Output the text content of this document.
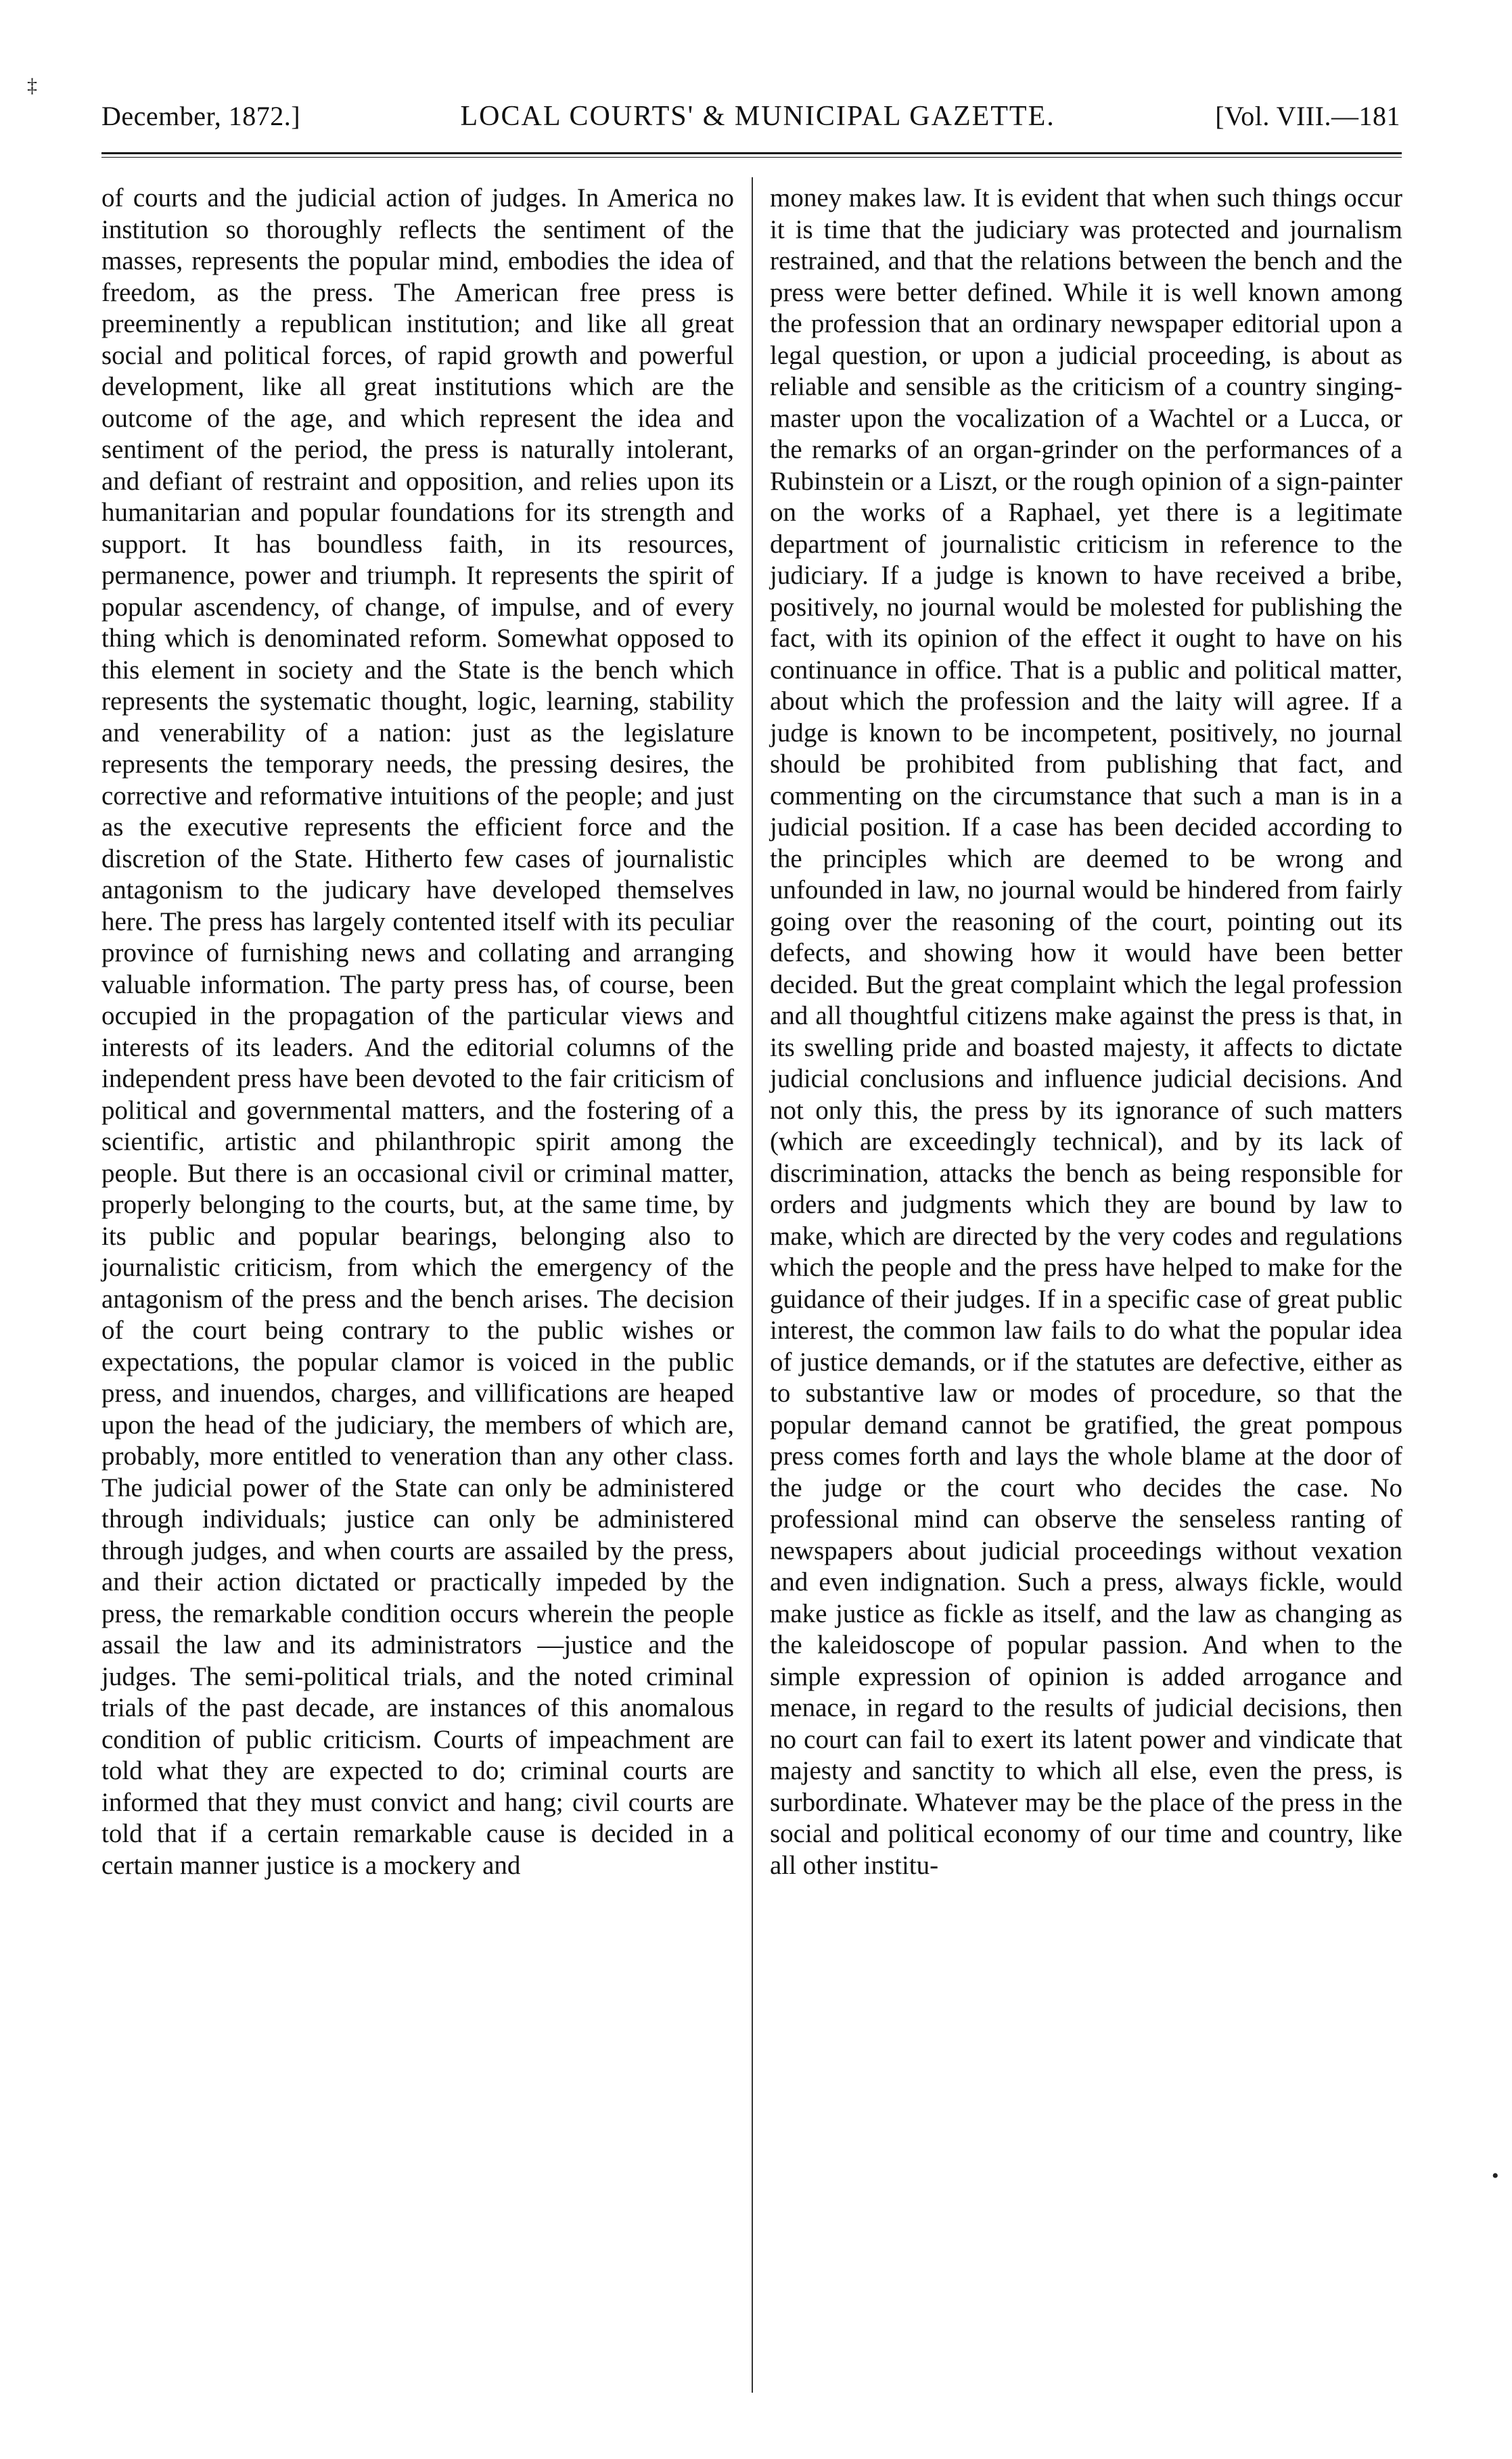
‡
December, 1872.]	LOCAL COURTS' & MUNICIPAL GAZETTE.	[Vol. VIII.—181

of courts and the judicial action of judges. In America no institution so thoroughly reflects the sentiment of the masses, represents the popular mind, embodies the idea of freedom, as the press. The American free press is preeminently a republican institution; and like all great social and political forces, of rapid growth and powerful development, like all great institutions which are the outcome of the age, and which represent the idea and sentiment of the period, the press is naturally intolerant, and defiant of restraint and opposition, and relies upon its humanitarian and popular foundations for its strength and support. It has boundless faith, in its resources, permanence, power and triumph. It represents the spirit of popular ascendency, of change, of impulse, and of every thing which is denominated reform. Somewhat opposed to this element in society and the State is the bench which represents the systematic thought, logic, learning, stability and venerability of a nation: just as the legislature represents the temporary needs, the pressing desires, the corrective and reformative intuitions of the people; and just as the executive represents the efficient force and the discretion of the State. Hitherto few cases of journalistic antagonism to the judicary have developed themselves here. The press has largely contented itself with its peculiar province of furnishing news and collating and arranging valuable information. The party press has, of course, been occupied in the propagation of the particular views and interests of its leaders. And the editorial columns of the independent press have been devoted to the fair criticism of political and governmental matters, and the fostering of a scientific, artistic and philanthropic spirit among the people. But there is an occasional civil or criminal matter, properly belonging to the courts, but, at the same time, by its public and popular bearings, belonging also to journalistic criticism, from which the emergency of the antagonism of the press and the bench arises. The decision of the court being contrary to the public wishes or expectations, the popular clamor is voiced in the public press, and inuendos, charges, and villifications are heaped upon the head of the judiciary, the members of which are, probably, more entitled to veneration than any other class. The judicial power of the State can only be administered through individuals; justice can only be administered through judges, and when courts are assailed by the press, and their action dictated or practically impeded by the press, the remarkable condition occurs wherein the people assail the law and its administrators —justice and the judges. The semi-political trials, and the noted criminal trials of the past decade, are instances of this anomalous condition of public criticism. Courts of impeachment are told what they are expected to do; criminal courts are informed that they must convict and hang; civil courts are told that if a certain remarkable cause is decided in a certain manner justice is a mockery and

money makes law. It is evident that when such things occur it is time that the judiciary was protected and journalism restrained, and that the relations between the bench and the press were better defined. While it is well known among the profession that an ordinary newspaper editorial upon a legal question, or upon a judicial proceeding, is about as reliable and sensible as the criticism of a country singing-master upon the vocalization of a Wachtel or a Lucca, or the remarks of an organ-grinder on the performances of a Rubinstein or a Liszt, or the rough opinion of a sign-painter on the works of a Raphael, yet there is a legitimate department of journalistic criticism in reference to the judiciary. If a judge is known to have received a bribe, positively, no journal would be molested for publishing the fact, with its opinion of the effect it ought to have on his continuance in office. That is a public and political matter, about which the profession and the laity will agree. If a judge is known to be incompetent, positively, no journal should be prohibited from publishing that fact, and commenting on the circumstance that such a man is in a judicial position. If a case has been decided according to the principles which are deemed to be wrong and unfounded in law, no journal would be hindered from fairly going over the reasoning of the court, pointing out its defects, and showing how it would have been better decided. But the great complaint which the legal profession and all thoughtful citizens make against the press is that, in its swelling pride and boasted majesty, it affects to dictate judicial conclusions and influence judicial decisions. And not only this, the press by its ignorance of such matters (which are exceedingly technical), and by its lack of discrimination, attacks the bench as being responsible for orders and judgments which they are bound by law to make, which are directed by the very codes and regulations which the people and the press have helped to make for the guidance of their judges. If in a specific case of great public interest, the common law fails to do what the popular idea of justice demands, or if the statutes are defective, either as to substantive law or modes of procedure, so that the popular demand cannot be gratified, the great pompous press comes forth and lays the whole blame at the door of the judge or the court who decides the case. No professional mind can observe the senseless ranting of newspapers about judicial proceedings without vexation and even indignation. Such a press, always fickle, would make justice as fickle as itself, and the law as changing as the kaleidoscope of popular passion. And when to the simple expression of opinion is added arrogance and menace, in regard to the results of judicial decisions, then no court can fail to exert its latent power and vindicate that majesty and sanctity to which all else, even the press, is surbordinate. Whatever may be the place of the press in the social and political economy of our time and country, like all other institu-

•
